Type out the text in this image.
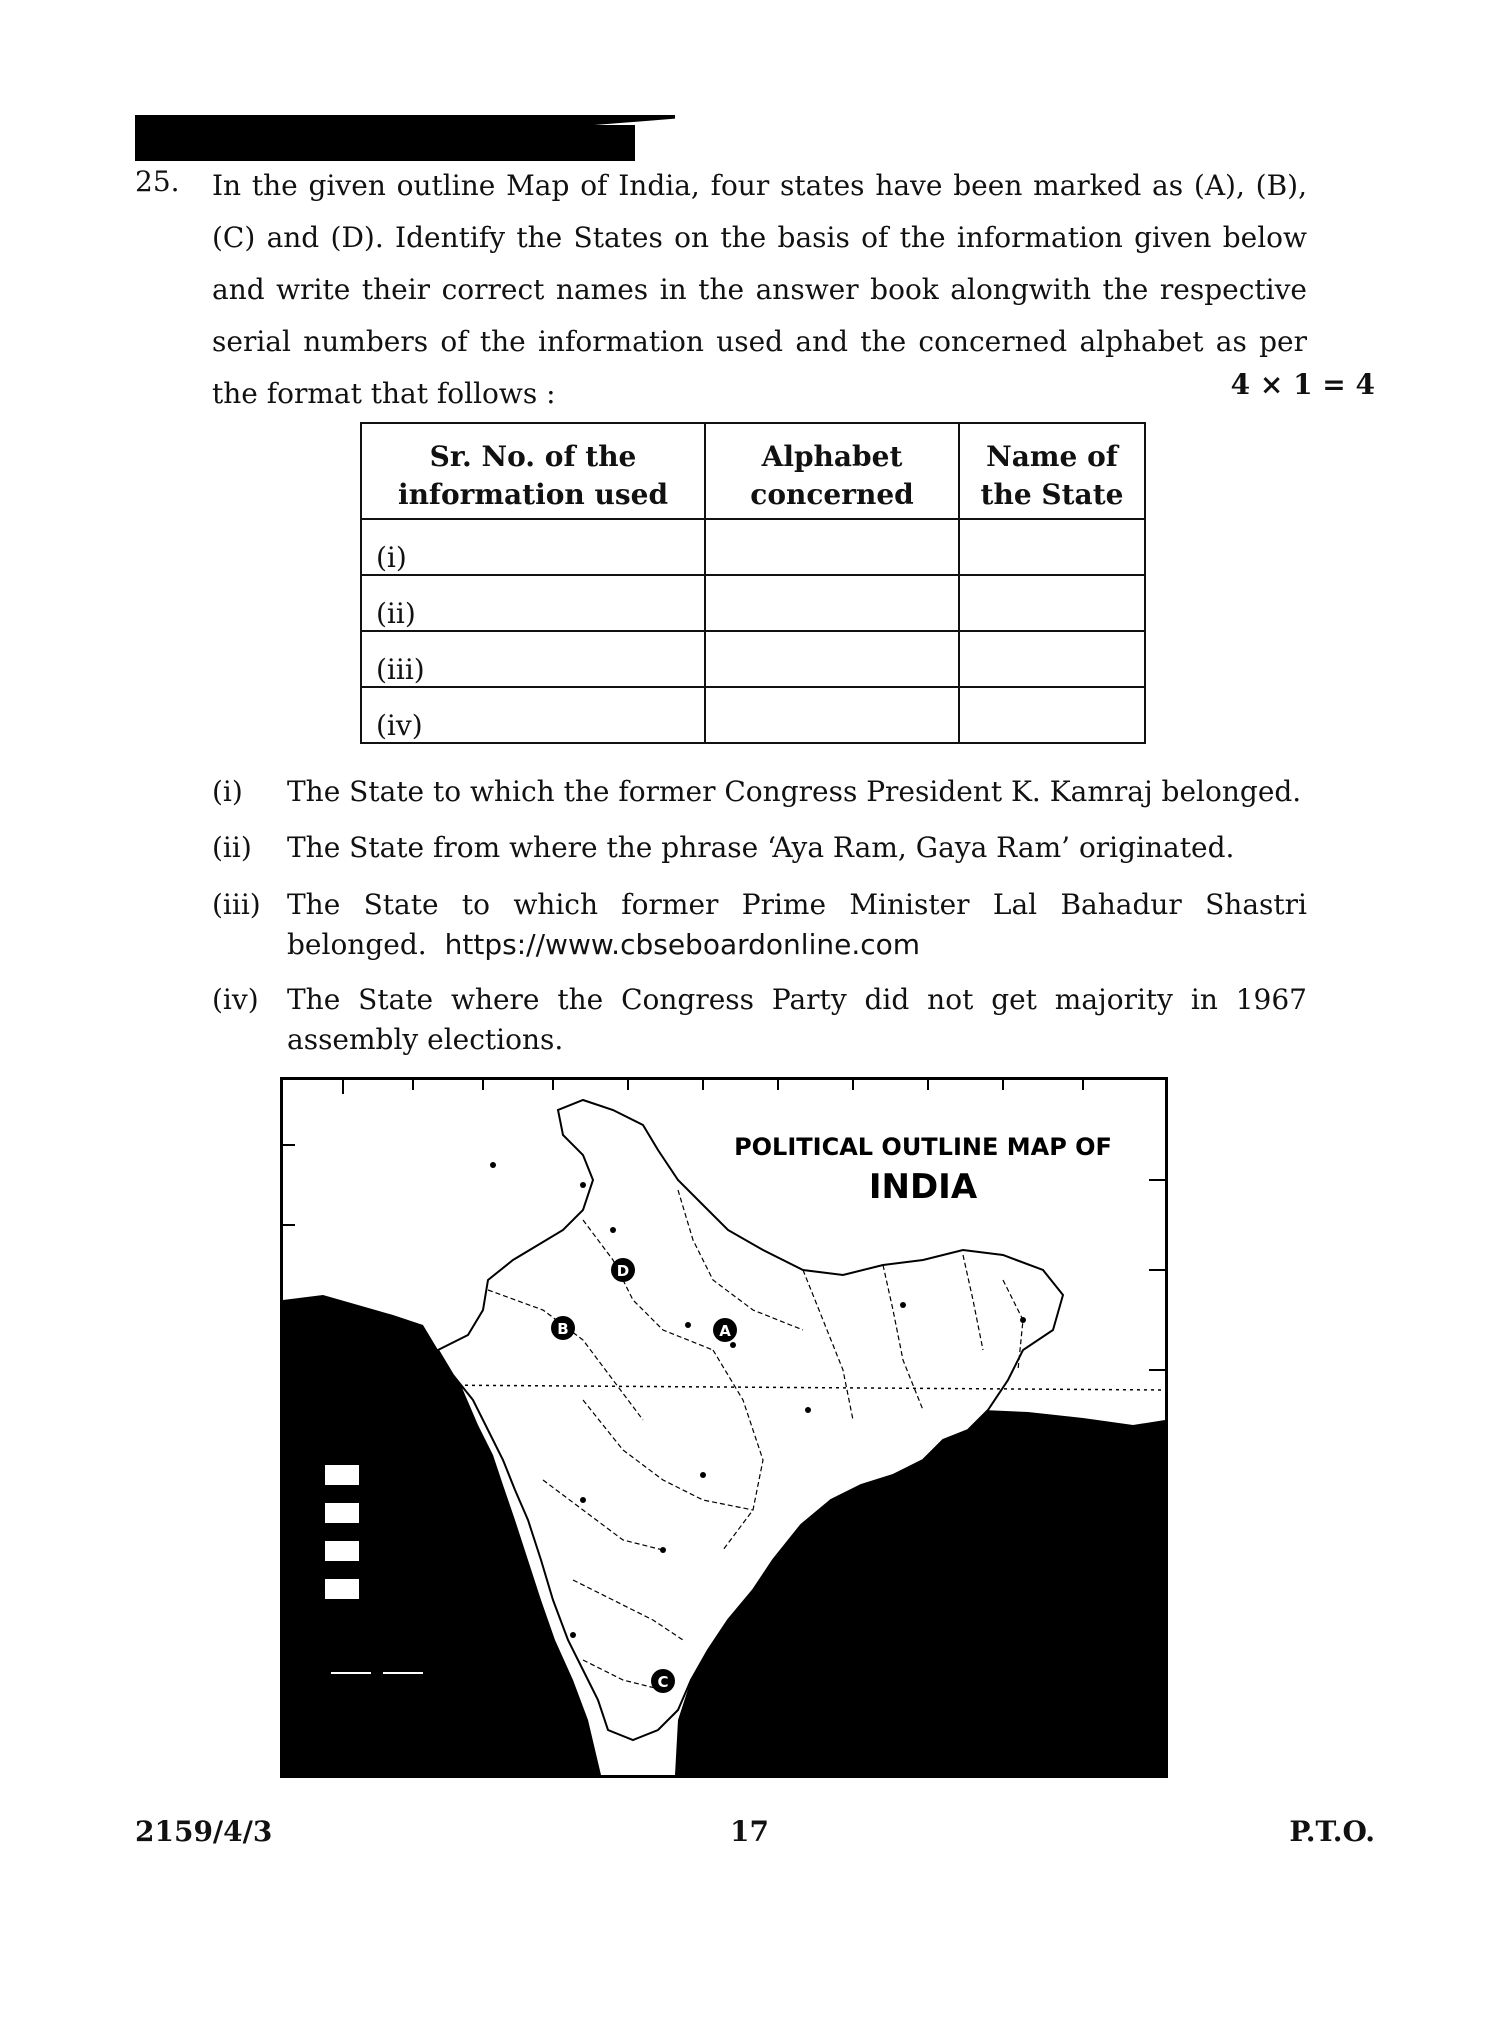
25. In the given outline Map of India, four states have been marked as (A), (B), (C) and (D). Identify the States on the basis of the information given below and write their correct names in the answer book alongwith the respective serial numbers of the information used and the concerned alphabet as per the format that follows :	4 × 1 = 4
Sr. No. of the information used	Alphabet concerned	Name of the State
(i)		
(ii)		
(iii)		
(iv)		
(i) The State to which the former Congress President K. Kamraj belonged.
(ii) The State from where the phrase ‘Aya Ram, Gaya Ram’ originated.
(iii) The State to which former Prime Minister Lal Bahadur Shastri belonged. https://www.cbseboardonline.com
(iv) The State where the Congress Party did not get majority in 1967 assembly elections.
POLITICAL OUTLINE MAP OF
INDIA
A
B
C
D
2159/4/3	17	P.T.O.
